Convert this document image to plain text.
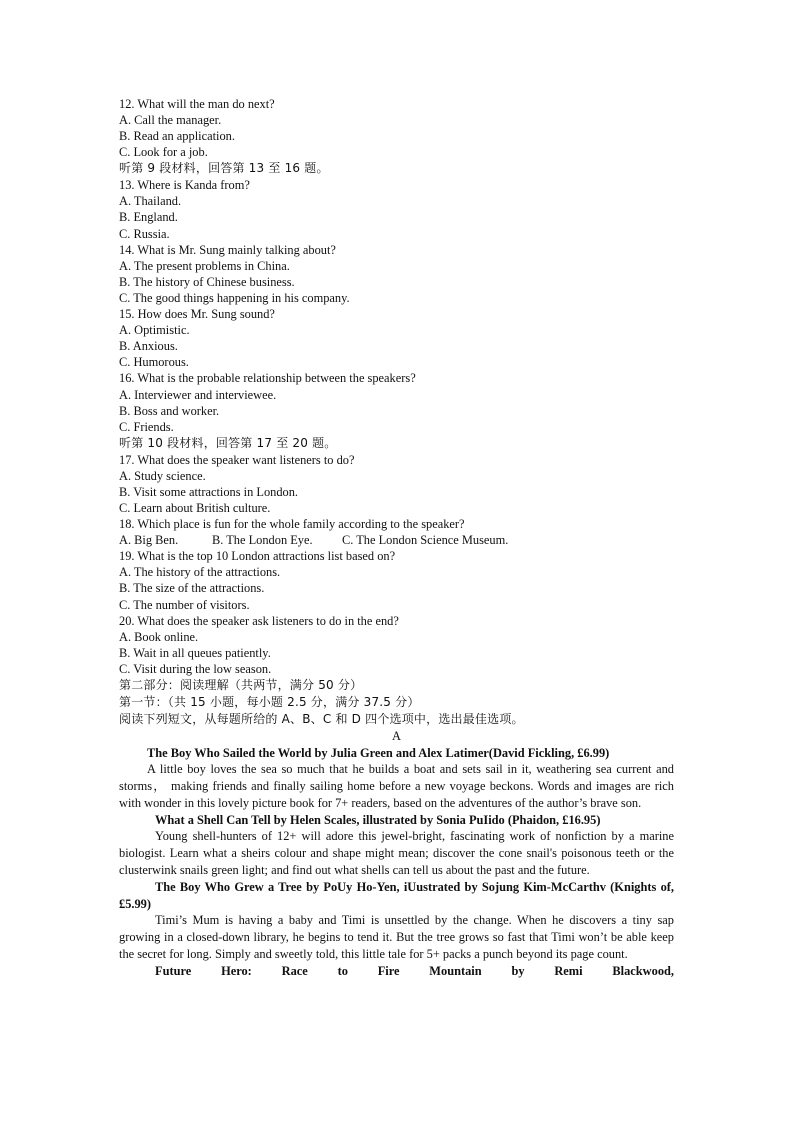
12. What will the man do next?
A. Call the manager.
B. Read an application.
C. Look for a job.
听第 9 段材料，回答第 13 至 16 题。
13. Where is Kanda from?
A. Thailand.
B. England.
C. Russia.
14. What is Mr. Sung mainly talking about?
A. The present problems in China.
B. The history of Chinese business.
C. The good things happening in his company.
15. How does Mr. Sung sound?
A. Optimistic.
B. Anxious.
C. Humorous.
16. What is the probable relationship between the speakers?
A. Interviewer and interviewee.
B. Boss and worker.
C. Friends.
听第 10 段材料，回答第 17 至 20 题。
17. What does the speaker want listeners to do?
A. Study science.
B. Visit some attractions in London.
C. Learn about British culture.
18. Which place is fun for the whole family according to the speaker?
A. Big Ben.	B. The London Eye. C. The London Science Museum.
19. What is the top 10 London attractions list based on?
A. The history of the attractions.
B. The size of the attractions.
C. The number of visitors.
20. What does the speaker ask listeners to do in the end?
A. Book online.
B. Wait in all queues patiently.
C. Visit during the low season.
第二部分：阅读理解（共两节，满分 50 分）
第一节：（共 15 小题，每小题 2.5 分，满分 37.5 分）
阅读下列短文，从每题所给的 A、B、C 和 D 四个选项中，选出最佳选项。
A
The Boy Who Sailed the World by Julia Green and Alex Latimer(David Fickling, £6.99)
A little boy loves the sea so much that he builds a boat and sets sail in it, weathering sea current and storms， making friends and finally sailing home before a new voyage beckons. Words and images are rich with wonder in this lovely picture book for 7+ readers, based on the adventures of the author’s brave son.
What a Shell Can Tell by Helen Scales, illustrated by Sonia PuIido (Phaidon, £16.95)
Young shell-hunters of 12+ will adore this jewel-bright, fascinating work of nonfiction by a marine biologist. Learn what a sheirs colour and shape might mean; discover the cone snail's poisonous teeth or the clusterwink snails green light; and find out what shells can tell us about the past and the future.
The Boy Who Grew a Tree by PoUy Ho-Yen, iUustrated by Sojung Kim-McCarthv (Knights of, £5.99)
Timi’s Mum is having a baby and Timi is unsettled by the change. When he discovers a tiny sap growing in a closed-down library, he begins to tend it. But the tree grows so fast that Timi won’t be able keep the secret for long. Simply and sweetly told, this little tale for 5+ packs a punch beyond its page count.
Future Hero: Race to Fire Mountain by Remi Blackwood,
